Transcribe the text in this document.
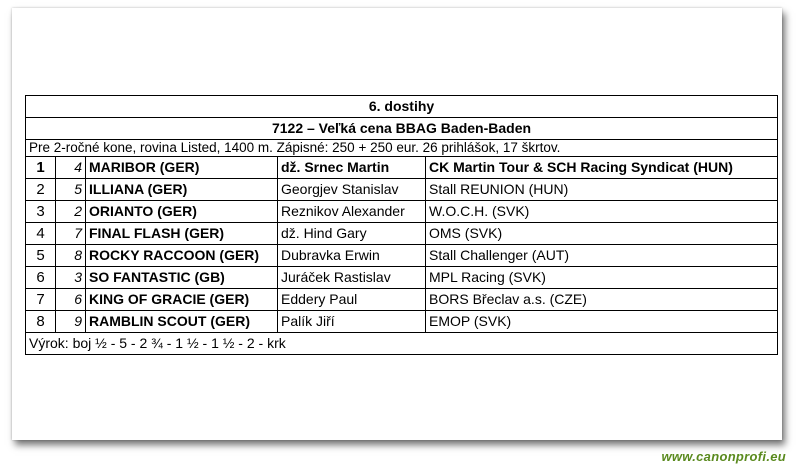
6. dostihy				
7122 – Veľká cena BBAG Baden-Baden				
Pre 2-ročné kone, rovina Listed, 1400 m. Zápisné: 250 + 250 eur. 26 prihlášok, 17 škrtov.				
1	4	MARIBOR (GER)	dž. Srnec Martin	CK Martin Tour & SCH Racing Syndicat (HUN)
2	5	ILLIANA (GER)	Georgjev Stanislav	Stall REUNION (HUN)
3	2	ORIANTO (GER)	Reznikov Alexander	W.O.C.H. (SVK)
4	7	FINAL FLASH (GER)	dž. Hind Gary	OMS (SVK)
5	8	ROCKY RACCOON (GER)	Dubravka Erwin	Stall Challenger (AUT)
6	3	SO FANTASTIC (GB)	Juráček Rastislav	MPL Racing (SVK)
7	6	KING OF GRACIE (GER)	Eddery Paul	BORS Břeclav a.s. (CZE)
8	9	RAMBLIN SCOUT (GER)	Palík Jiří	EMOP (SVK)
Výrok: boj ½ - 5 - 2 ¾ - 1 ½ - 1 ½ - 2 - krk				
www.canonprofi.eu
